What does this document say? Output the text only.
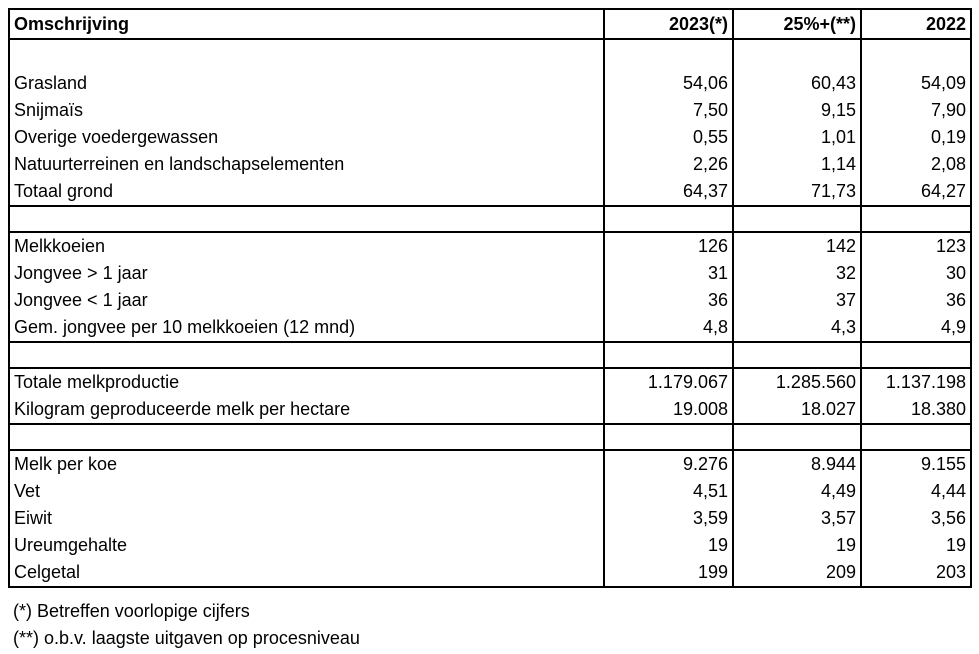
Omschrijving	2023(*)	25%+(**)	2022

Grasland	54,06	60,43	54,09
Snijmaïs	7,50	9,15	7,90
Overige voedergewassen	0,55	1,01	0,19
Natuurterreinen en landschapselementen	2,26	1,14	2,08
Totaal grond	64,37	71,73	64,27

Melkkoeien	126	142	123
Jongvee > 1 jaar	31	32	30
Jongvee < 1 jaar	36	37	36
Gem. jongvee per 10 melkkoeien (12 mnd)	4,8	4,3	4,9

Totale melkproductie	1.179.067	1.285.560	1.137.198
Kilogram geproduceerde melk per hectare	19.008	18.027	18.380

Melk per koe	9.276	8.944	9.155
Vet	4,51	4,49	4,44
Eiwit	3,59	3,57	3,56
Ureumgehalte	19	19	19
Celgetal	199	209	203
(*) Betreffen voorlopige cijfers
(**) o.b.v. laagste uitgaven op procesniveau
